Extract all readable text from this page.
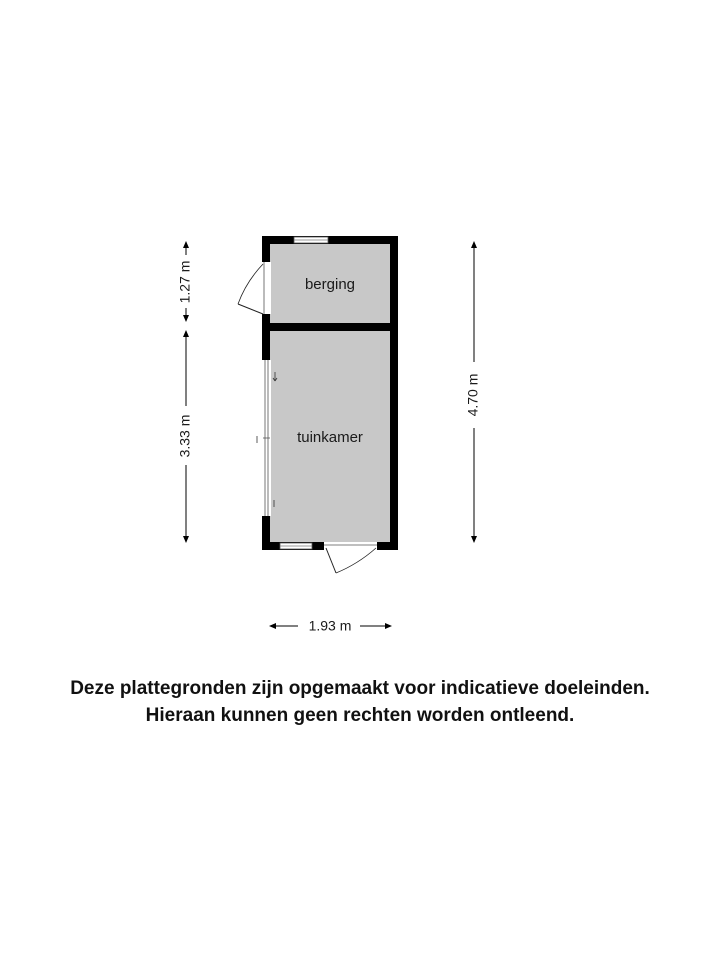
berging
tuinkamer
1.27 m
3.33 m
4.70 m
1.93 m
Deze plattegronden zijn opgemaakt voor indicatieve doeleinden.
Hieraan kunnen geen rechten worden ontleend.
